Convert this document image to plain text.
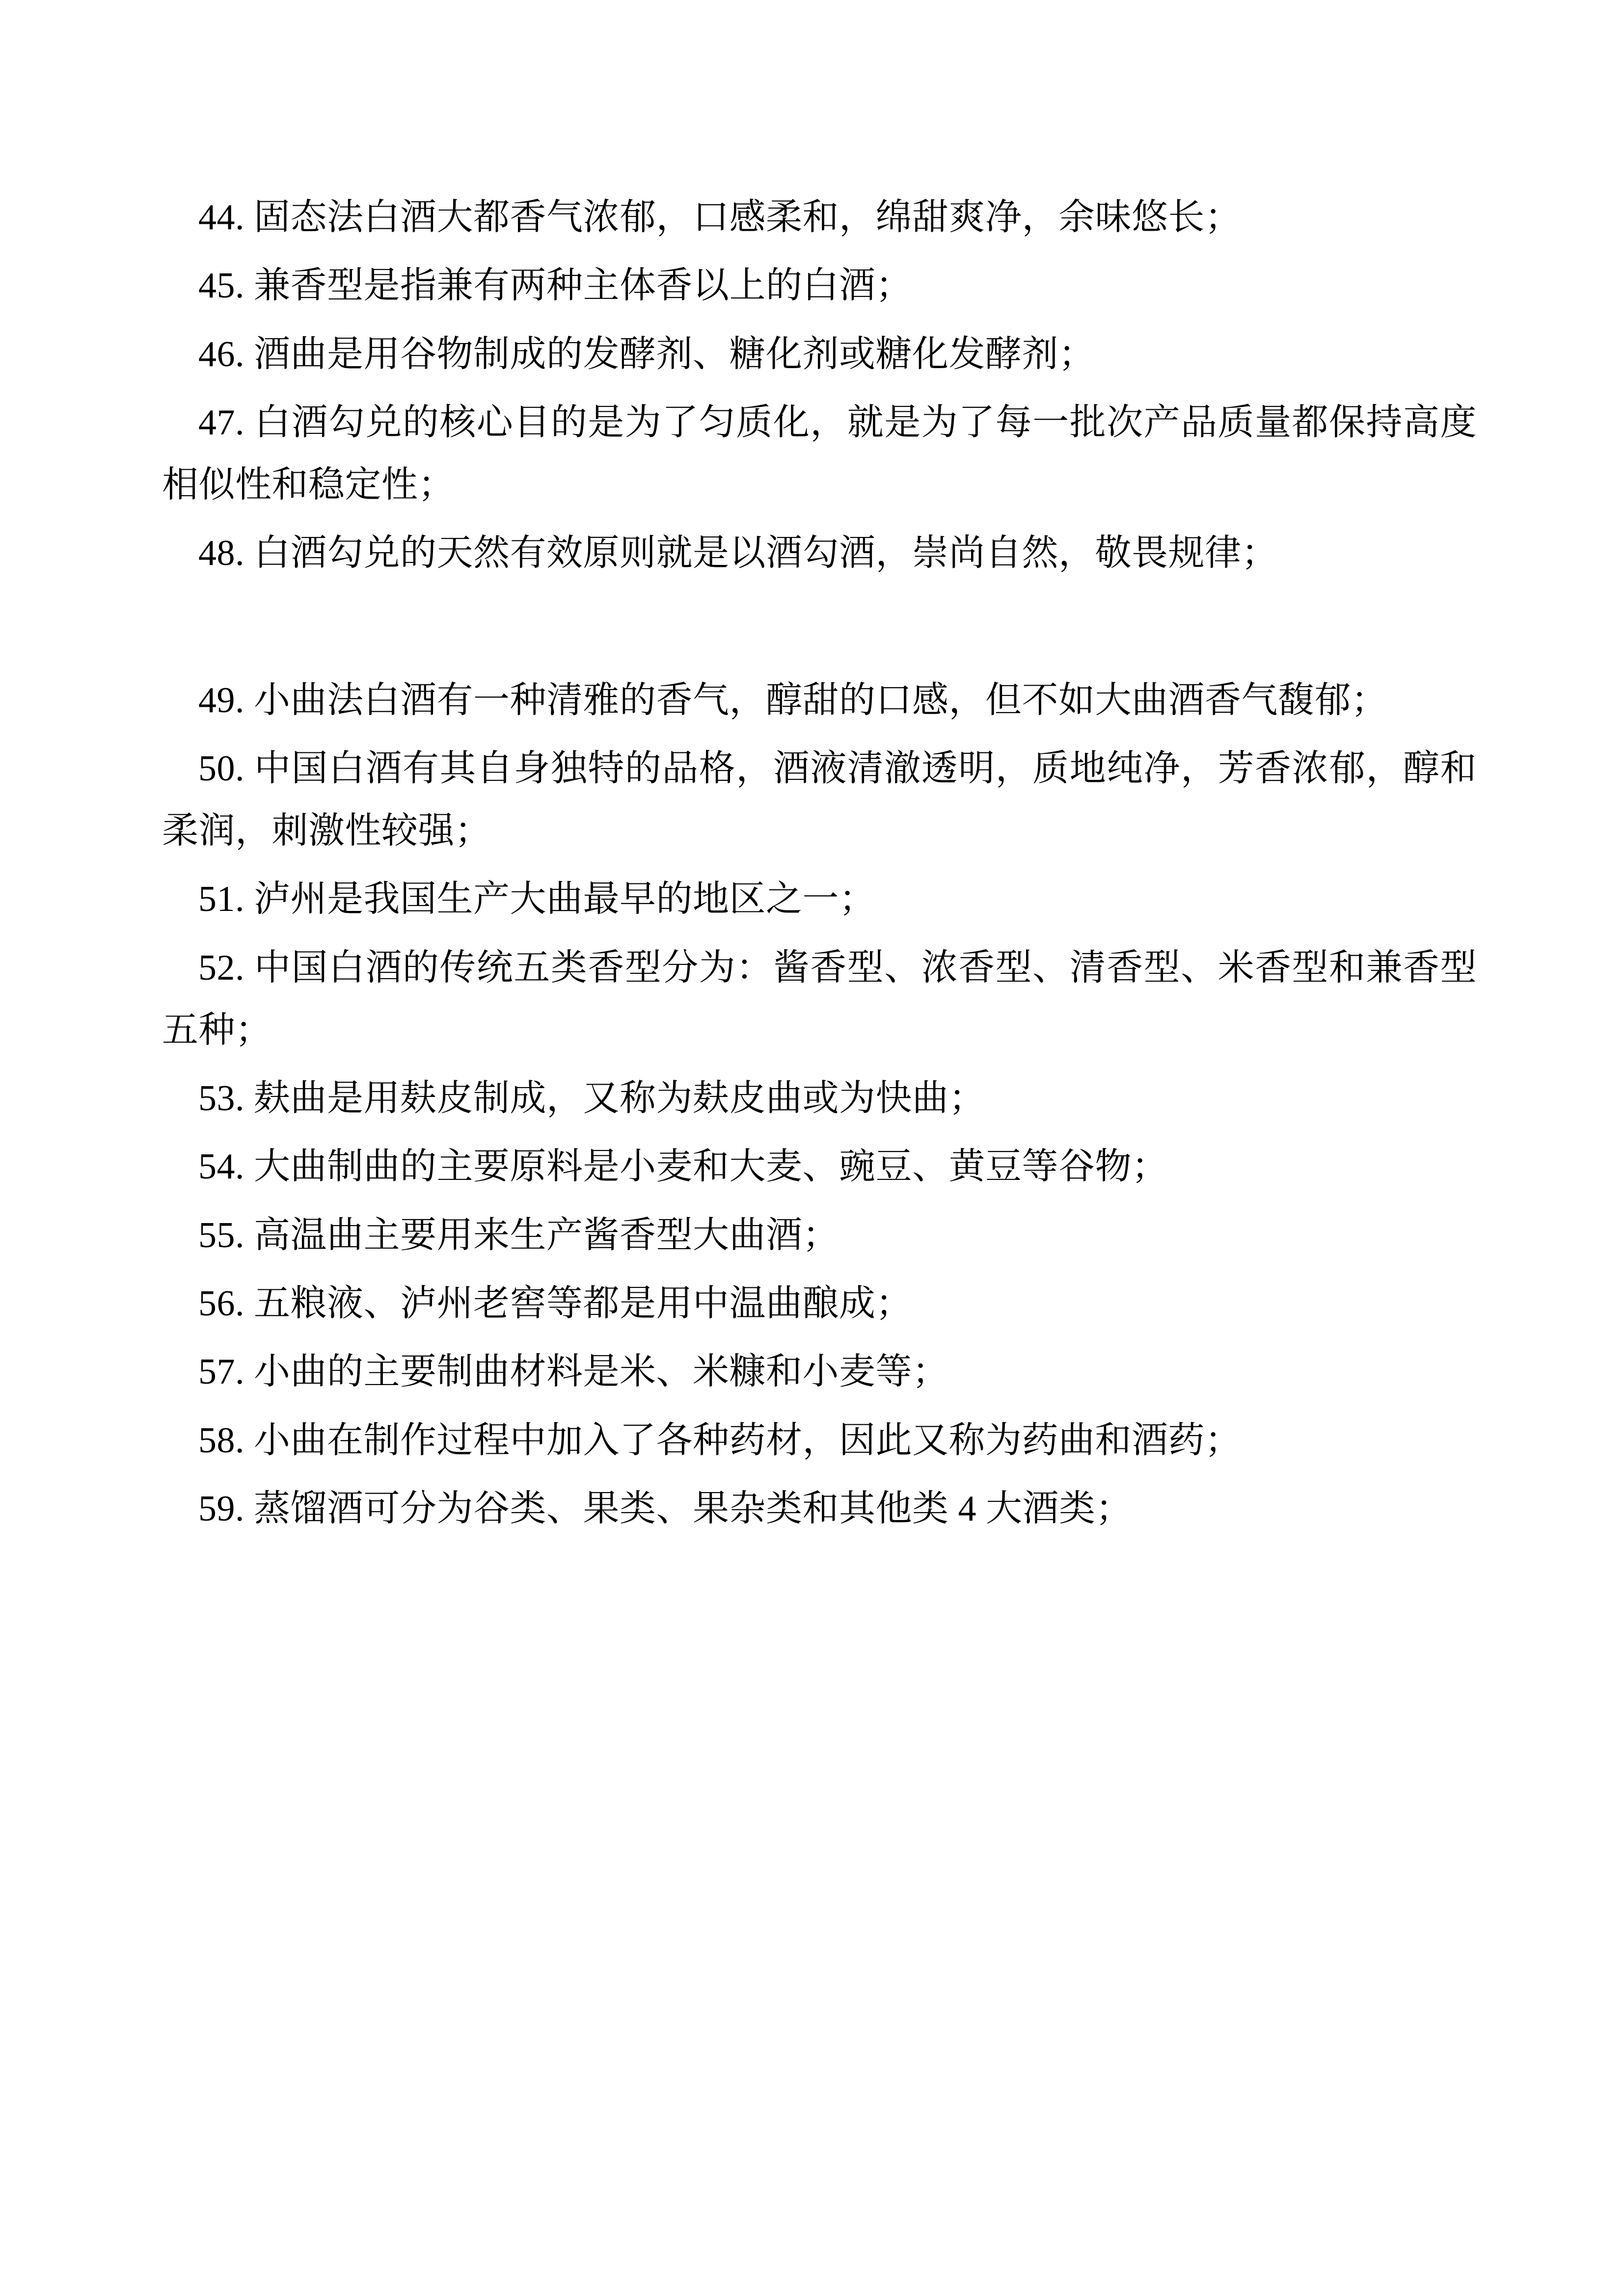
44. 固态法白酒大都香气浓郁，口感柔和，绵甜爽净，余味悠长；

45. 兼香型是指兼有两种主体香以上的白酒；

46. 酒曲是用谷物制成的发酵剂、糖化剂或糖化发酵剂；

47. 白酒勾兑的核心目的是为了匀质化，就是为了每一批次产品质量都保持高度相似性和稳定性；

48. 白酒勾兑的天然有效原则就是以酒勾酒，崇尚自然，敬畏规律；

49. 小曲法白酒有一种清雅的香气，醇甜的口感，但不如大曲酒香气馥郁；

50. 中国白酒有其自身独特的品格，酒液清澈透明，质地纯净，芳香浓郁，醇和柔润，刺激性较强；

51. 泸州是我国生产大曲最早的地区之一；

52. 中国白酒的传统五类香型分为：酱香型、浓香型、清香型、米香型和兼香型五种；

53. 麸曲是用麸皮制成，又称为麸皮曲或为快曲；

54. 大曲制曲的主要原料是小麦和大麦、豌豆、黄豆等谷物；

55. 高温曲主要用来生产酱香型大曲酒；

56. 五粮液、泸州老窖等都是用中温曲酿成；

57. 小曲的主要制曲材料是米、米糠和小麦等；

58. 小曲在制作过程中加入了各种药材，因此又称为药曲和酒药；

59. 蒸馏酒可分为谷类、果类、果杂类和其他类 4 大酒类；
